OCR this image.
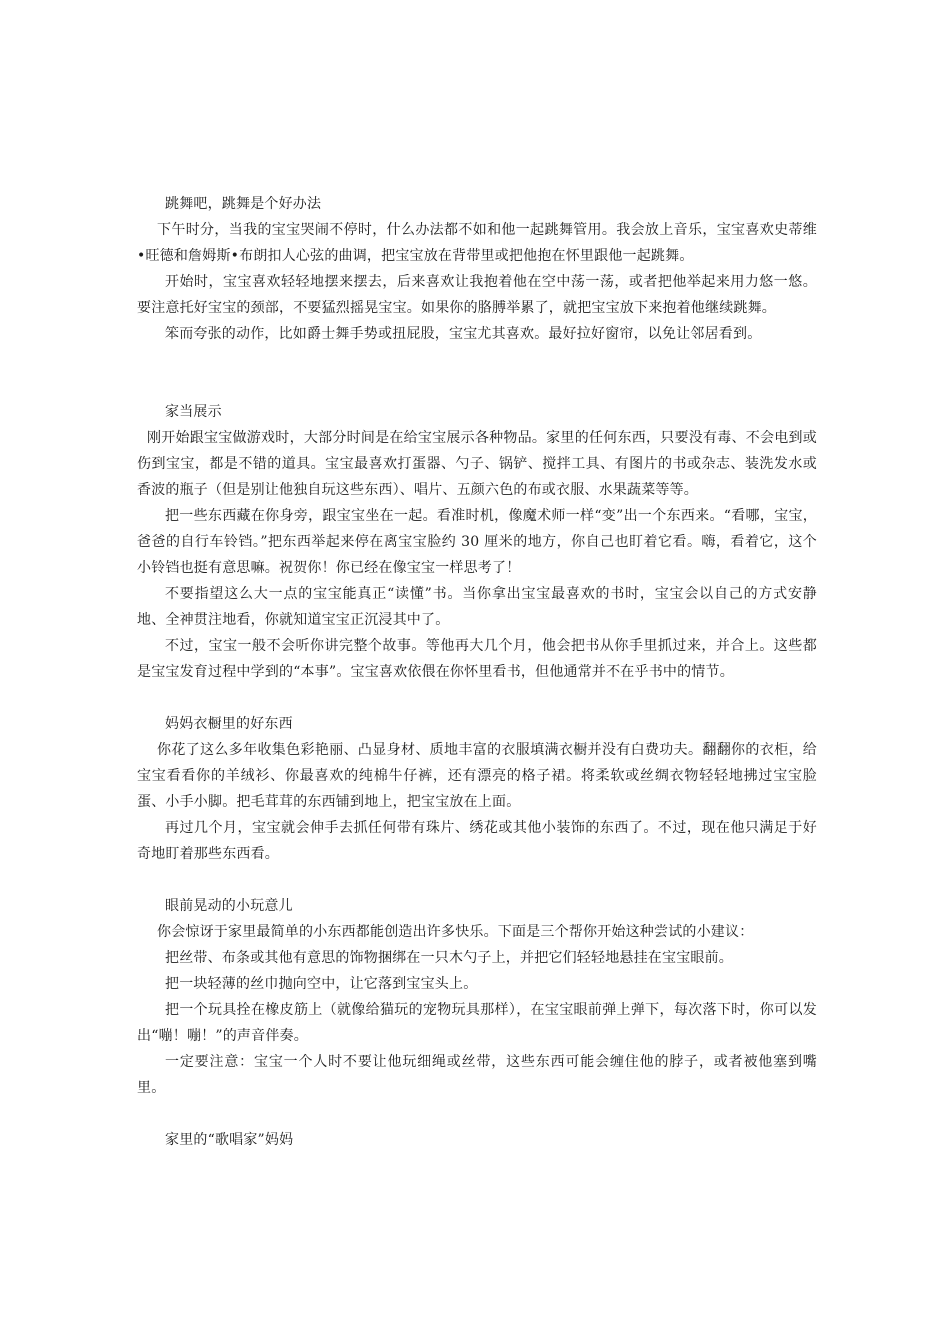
跳舞吧，跳舞是个好办法

下午时分，当我的宝宝哭闹不停时，什么办法都不如和他一起跳舞管用。我会放上音乐，宝宝喜欢史蒂维•旺德和詹姆斯•布朗扣人心弦的曲调，把宝宝放在背带里或把他抱在怀里跟他一起跳舞。

开始时，宝宝喜欢轻轻地摆来摆去，后来喜欢让我抱着他在空中荡一荡，或者把他举起来用力悠一悠。要注意托好宝宝的颈部，不要猛烈摇晃宝宝。如果你的胳膊举累了，就把宝宝放下来抱着他继续跳舞。

笨而夸张的动作，比如爵士舞手势或扭屁股，宝宝尤其喜欢。最好拉好窗帘，以免让邻居看到。

家当展示

刚开始跟宝宝做游戏时，大部分时间是在给宝宝展示各种物品。家里的任何东西，只要没有毒、不会电到或伤到宝宝，都是不错的道具。宝宝最喜欢打蛋器、勺子、锅铲、搅拌工具、有图片的书或杂志、装洗发水或香波的瓶子（但是别让他独自玩这些东西）、唱片、五颜六色的布或衣服、水果蔬菜等等。

把一些东西藏在你身旁，跟宝宝坐在一起。看准时机，像魔术师一样“变”出一个东西来。“看哪，宝宝，爸爸的自行车铃铛。”把东西举起来停在离宝宝脸约 30 厘米的地方，你自己也盯着它看。嗨，看着它，这个小铃铛也挺有意思嘛。祝贺你！你已经在像宝宝一样思考了！

不要指望这么大一点的宝宝能真正“读懂”书。当你拿出宝宝最喜欢的书时，宝宝会以自己的方式安静地、全神贯注地看，你就知道宝宝正沉浸其中了。

不过，宝宝一般不会听你讲完整个故事。等他再大几个月，他会把书从你手里抓过来，并合上。这些都是宝宝发育过程中学到的“本事”。宝宝喜欢依偎在你怀里看书，但他通常并不在乎书中的情节。

妈妈衣橱里的好东西

你花了这么多年收集色彩艳丽、凸显身材、质地丰富的衣服填满衣橱并没有白费功夫。翻翻你的衣柜，给宝宝看看你的羊绒衫、你最喜欢的纯棉牛仔裤，还有漂亮的格子裙。将柔软或丝绸衣物轻轻地拂过宝宝脸蛋、小手小脚。把毛茸茸的东西铺到地上，把宝宝放在上面。

再过几个月，宝宝就会伸手去抓任何带有珠片、绣花或其他小装饰的东西了。不过，现在他只满足于好奇地盯着那些东西看。

眼前晃动的小玩意儿

你会惊讶于家里最简单的小东西都能创造出许多快乐。下面是三个帮你开始这种尝试的小建议：

把丝带、布条或其他有意思的饰物捆绑在一只木勺子上，并把它们轻轻地悬挂在宝宝眼前。

把一块轻薄的丝巾抛向空中，让它落到宝宝头上。

把一个玩具拴在橡皮筋上（就像给猫玩的宠物玩具那样），在宝宝眼前弹上弹下，每次落下时，你可以发出“嘣！嘣！”的声音伴奏。

一定要注意：宝宝一个人时不要让他玩细绳或丝带，这些东西可能会缠住他的脖子，或者被他塞到嘴里。

家里的“歌唱家”妈妈
